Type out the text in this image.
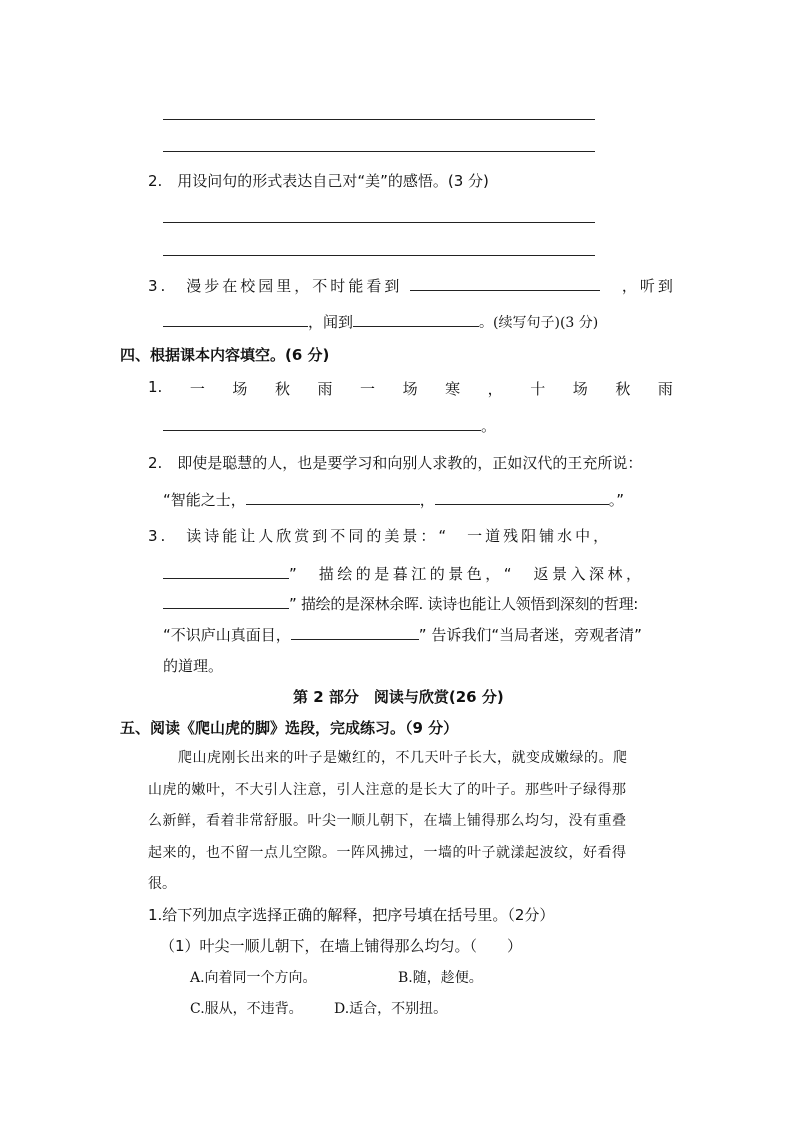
2.　用设问句的形式表达自己对“美”的感悟。(3 分)
3.　漫步在校园里，不时能看到	，听到
，闻到	。(续写句子)(3 分)
四、根据课本内容填空。(6 分)
1. 一 场 秋 雨 一 场 寒 ， 十 场 秋 雨
。
2.　即使是聪慧的人，也是要学习和向别人求教的，正如汉代的王充所说：
“智能之士，	，	。”
3.　读诗能让人欣赏到不同的美景：“　一道残阳铺水中，
”　描绘的是暮江的景色，“　返景入深林，
” 描绘的是深林余晖. 读诗也能让人领悟到深刻的哲理:
“不识庐山真面目，	” 告诉我们“当局者迷，旁观者清”
的道理。
第 2 部分　阅读与欣赏(26 分)
五、阅读《爬山虎的脚》选段，完成练习。（9 分）
爬山虎刚长出来的叶子是嫩红的，不几天叶子长大，就变成嫩绿的。爬
山虎的嫩叶，不大引人注意，引人注意的是长大了的叶子。那些叶子绿得那
么新鲜，看着非常舒服。叶尖一顺儿朝下，在墙上铺得那么均匀，没有重叠
起来的，也不留一点儿空隙。一阵风拂过，一墙的叶子就漾起波纹，好看得
很。
1.给下列加点字选择正确的解释，把序号填在括号里。（2分）
（1）叶尖一顺儿朝下，在墙上铺得那么均匀。（　　）
A.向着同一个方向。	B.随，趁便。
C.服从，不违背。 D.适合，不别扭。
